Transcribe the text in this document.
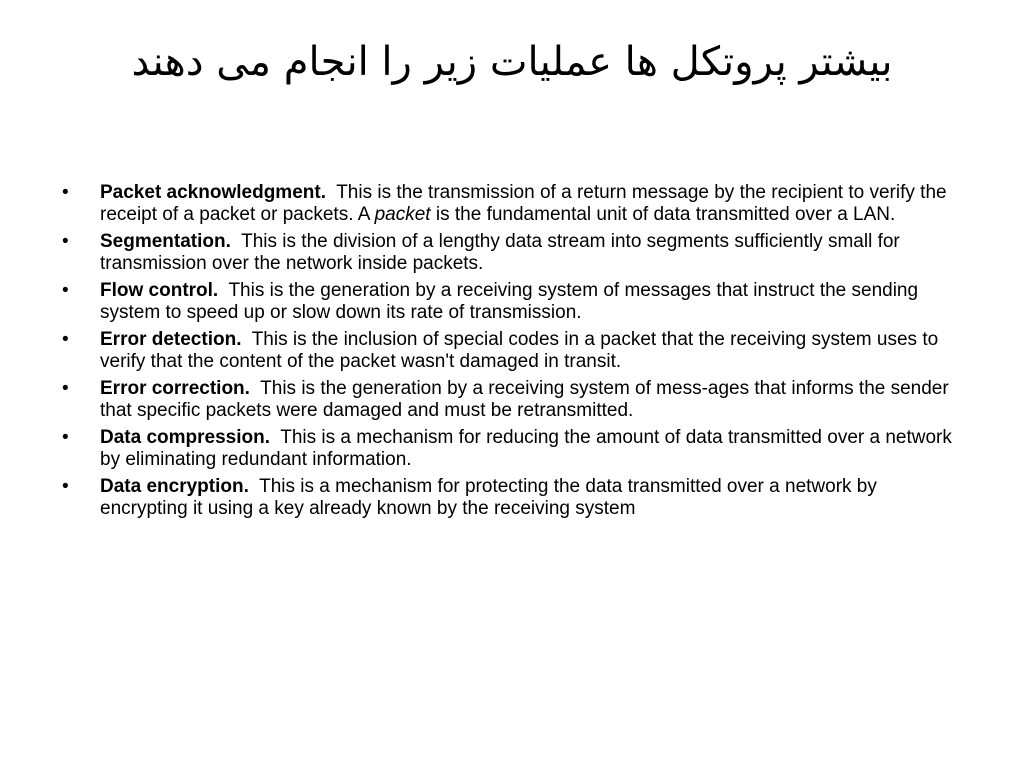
بیشتر پروتکل ها عملیات زیر را انجام می دهند
• Packet acknowledgment. This is the transmission of a return message by the recipient to verify the receipt of a packet or packets. A packet is the fundamental unit of data transmitted over a LAN.
• Segmentation. This is the division of a lengthy data stream into segments sufficiently small for transmission over the network inside packets.
• Flow control. This is the generation by a receiving system of messages that instruct the sending system to speed up or slow down its rate of transmission.
• Error detection. This is the inclusion of special codes in a packet that the receiving system uses to verify that the content of the packet wasn't damaged in transit.
• Error correction. This is the generation by a receiving system of mess-ages that informs the sender that specific packets were damaged and must be retransmitted.
• Data compression. This is a mechanism for reducing the amount of data transmitted over a network by eliminating redundant information.
• Data encryption. This is a mechanism for protecting the data transmitted over a network by encrypting it using a key already known by the receiving system
